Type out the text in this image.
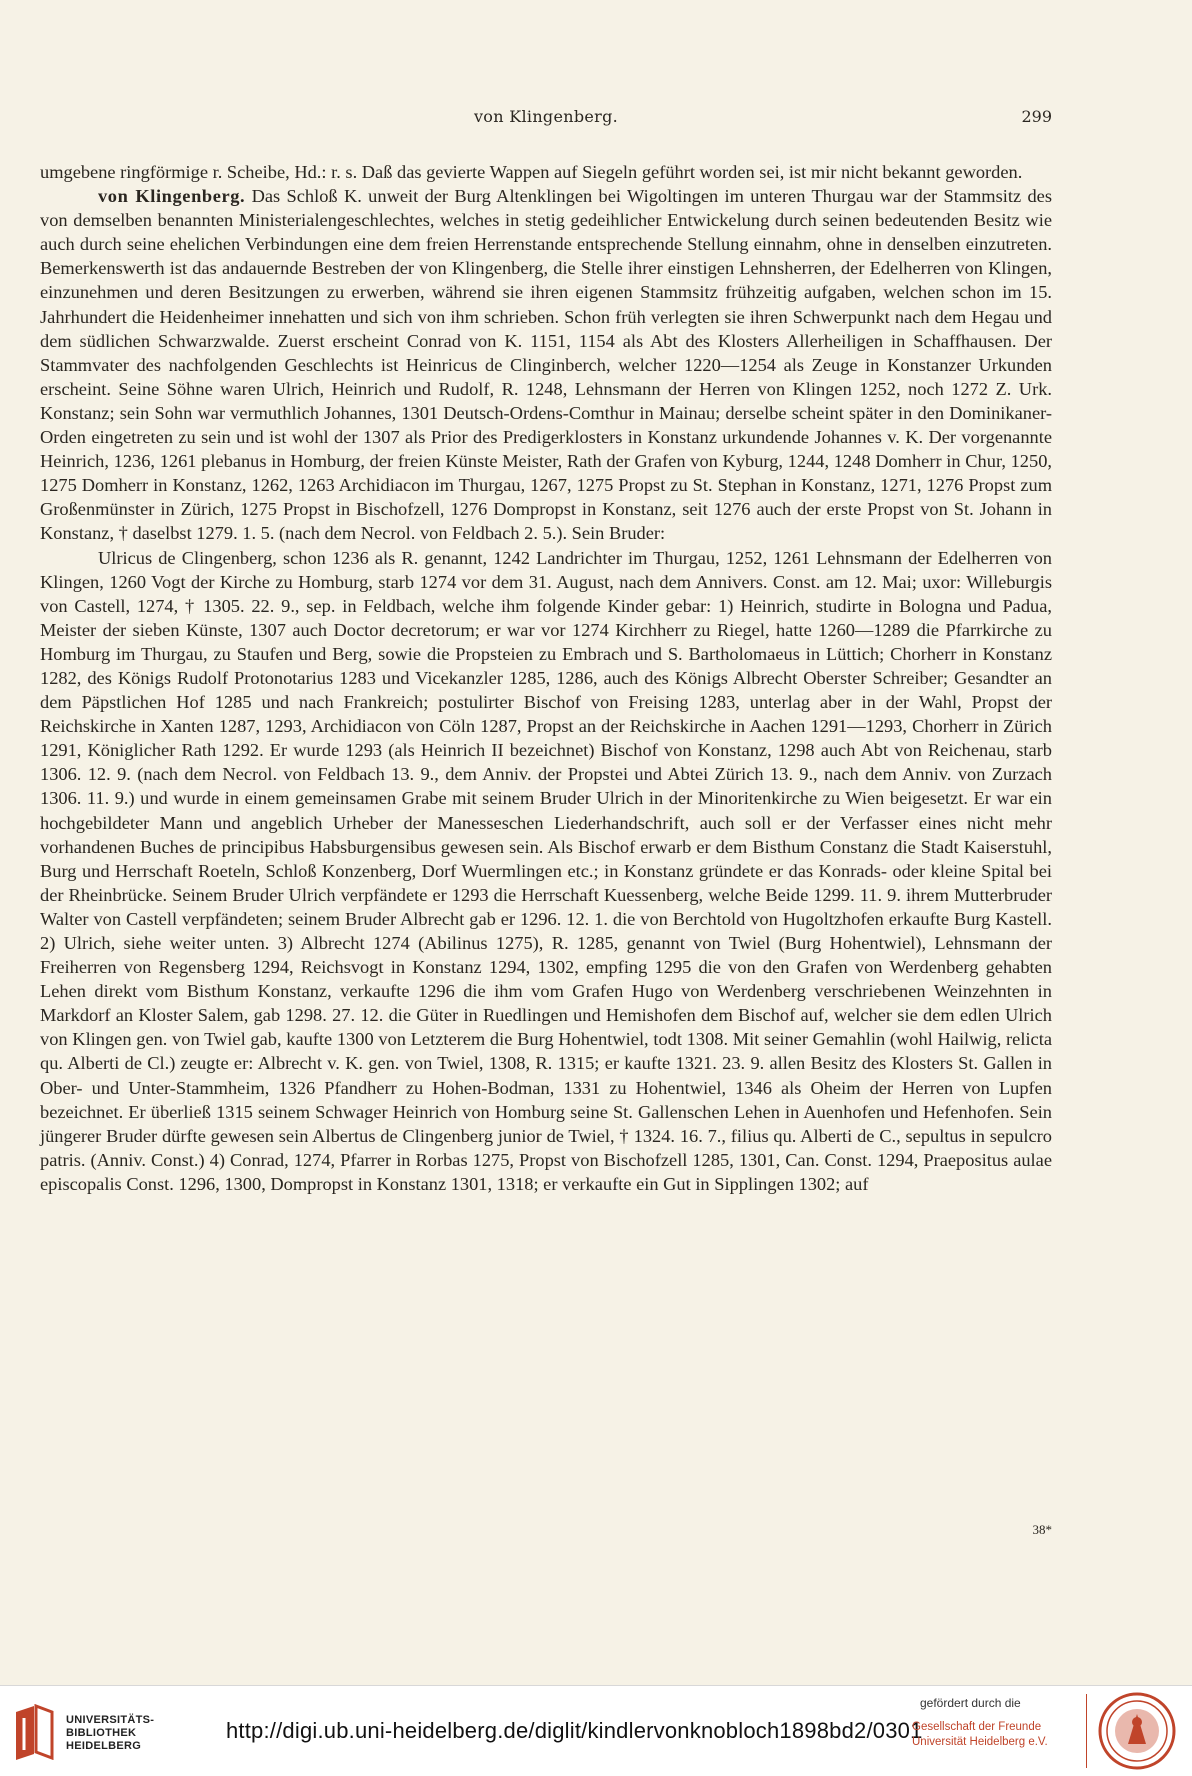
von Klingenberg.	299

umgebene ringförmige r. Scheibe, Hd.: r. s. Daß das gevierte Wappen auf Siegeln geführt worden sei, ist mir nicht bekannt geworden.

von Klingenberg. Das Schloß K. unweit der Burg Altenklingen bei Wigoltingen im unteren Thurgau war der Stammsitz des von demselben benannten Ministerialengeschlechtes, welches in stetig gedeihlicher Entwickelung durch seinen bedeutenden Besitz wie auch durch seine ehelichen Verbindungen eine dem freien Herrenstande entsprechende Stellung einnahm, ohne in denselben einzutreten. Bemerkenswerth ist das andauernde Bestreben der von Klingenberg, die Stelle ihrer einstigen Lehnsherren, der Edelherren von Klingen, einzunehmen und deren Besitzungen zu erwerben, während sie ihren eigenen Stammsitz frühzeitig aufgaben, welchen schon im 15. Jahrhundert die Heidenheimer innehatten und sich von ihm schrieben. Schon früh verlegten sie ihren Schwerpunkt nach dem Hegau und dem südlichen Schwarzwalde. Zuerst erscheint Conrad von K. 1151, 1154 als Abt des Klosters Allerheiligen in Schaffhausen. Der Stammvater des nachfolgenden Geschlechts ist Heinricus de Clinginberch, welcher 1220—1254 als Zeuge in Konstanzer Urkunden erscheint. Seine Söhne waren Ulrich, Heinrich und Rudolf, R. 1248, Lehnsmann der Herren von Klingen 1252, noch 1272 Z. Urk. Konstanz; sein Sohn war vermuthlich Johannes, 1301 Deutsch-Ordens-Comthur in Mainau; derselbe scheint später in den Dominikaner-Orden eingetreten zu sein und ist wohl der 1307 als Prior des Predigerklosters in Konstanz urkundende Johannes v. K. Der vorgenannte Heinrich, 1236, 1261 plebanus in Homburg, der freien Künste Meister, Rath der Grafen von Kyburg, 1244, 1248 Domherr in Chur, 1250, 1275 Domherr in Konstanz, 1262, 1263 Archidiacon im Thurgau, 1267, 1275 Propst zu St. Stephan in Konstanz, 1271, 1276 Propst zum Großenmünster in Zürich, 1275 Propst in Bischofzell, 1276 Dompropst in Konstanz, seit 1276 auch der erste Propst von St. Johann in Konstanz, † daselbst 1279. 1. 5. (nach dem Necrol. von Feldbach 2. 5.). Sein Bruder:

Ulricus de Clingenberg, schon 1236 als R. genannt, 1242 Landrichter im Thurgau, 1252, 1261 Lehnsmann der Edelherren von Klingen, 1260 Vogt der Kirche zu Homburg, starb 1274 vor dem 31. August, nach dem Annivers. Const. am 12. Mai; uxor: Willeburgis von Castell, 1274, † 1305. 22. 9., sep. in Feldbach, welche ihm folgende Kinder gebar: 1) Heinrich, studirte in Bologna und Padua, Meister der sieben Künste, 1307 auch Doctor decretorum; er war vor 1274 Kirchherr zu Riegel, hatte 1260—1289 die Pfarrkirche zu Homburg im Thurgau, zu Staufen und Berg, sowie die Propsteien zu Embrach und S. Bartholomaeus in Lüttich; Chorherr in Konstanz 1282, des Königs Rudolf Protonotarius 1283 und Vicekanzler 1285, 1286, auch des Königs Albrecht Oberster Schreiber; Gesandter an dem Päpstlichen Hof 1285 und nach Frankreich; postulirter Bischof von Freising 1283, unterlag aber in der Wahl, Propst der Reichskirche in Xanten 1287, 1293, Archidiacon von Cöln 1287, Propst an der Reichskirche in Aachen 1291—1293, Chorherr in Zürich 1291, Königlicher Rath 1292. Er wurde 1293 (als Heinrich II bezeichnet) Bischof von Konstanz, 1298 auch Abt von Reichenau, starb 1306. 12. 9. (nach dem Necrol. von Feldbach 13. 9., dem Anniv. der Propstei und Abtei Zürich 13. 9., nach dem Anniv. von Zurzach 1306. 11. 9.) und wurde in einem gemeinsamen Grabe mit seinem Bruder Ulrich in der Minoritenkirche zu Wien beigesetzt. Er war ein hochgebildeter Mann und angeblich Urheber der Manesseschen Liederhandschrift, auch soll er der Verfasser eines nicht mehr vorhandenen Buches de principibus Habsburgensibus gewesen sein. Als Bischof erwarb er dem Bisthum Constanz die Stadt Kaiserstuhl, Burg und Herrschaft Roeteln, Schloß Konzenberg, Dorf Wuermlingen etc.; in Konstanz gründete er das Konrads- oder kleine Spital bei der Rheinbrücke. Seinem Bruder Ulrich verpfändete er 1293 die Herrschaft Kuessenberg, welche Beide 1299. 11. 9. ihrem Mutterbruder Walter von Castell verpfändeten; seinem Bruder Albrecht gab er 1296. 12. 1. die von Berchtold von Hugoltzhofen erkaufte Burg Kastell. 2) Ulrich, siehe weiter unten. 3) Albrecht 1274 (Abilinus 1275), R. 1285, genannt von Twiel (Burg Hohentwiel), Lehnsmann der Freiherren von Regensberg 1294, Reichsvogt in Konstanz 1294, 1302, empfing 1295 die von den Grafen von Werdenberg gehabten Lehen direkt vom Bisthum Konstanz, verkaufte 1296 die ihm vom Grafen Hugo von Werdenberg verschriebenen Weinzehnten in Markdorf an Kloster Salem, gab 1298. 27. 12. die Güter in Ruedlingen und Hemishofen dem Bischof auf, welcher sie dem edlen Ulrich von Klingen gen. von Twiel gab, kaufte 1300 von Letzterem die Burg Hohentwiel, todt 1308. Mit seiner Gemahlin (wohl Hailwig, relicta qu. Alberti de Cl.) zeugte er: Albrecht v. K. gen. von Twiel, 1308, R. 1315; er kaufte 1321. 23. 9. allen Besitz des Klosters St. Gallen in Ober- und Unter-Stammheim, 1326 Pfandherr zu Hohen-Bodman, 1331 zu Hohentwiel, 1346 als Oheim der Herren von Lupfen bezeichnet. Er überließ 1315 seinem Schwager Heinrich von Homburg seine St. Gallenschen Lehen in Auenhofen und Hefenhofen. Sein jüngerer Bruder dürfte gewesen sein Albertus de Clingenberg junior de Twiel, † 1324. 16. 7., filius qu. Alberti de C., sepultus in sepulcro patris. (Anniv. Const.) 4) Conrad, 1274, Pfarrer in Rorbas 1275, Propst von Bischofzell 1285, 1301, Can. Const. 1294, Praepositus aulae episcopalis Const. 1296, 1300, Dompropst in Konstanz 1301, 1318; er verkaufte ein Gut in Sipplingen 1302; auf

38*
UNIVERSITÄTS-
BIBLIOTHEK
HEIDELBERG
http://digi.ub.uni-heidelberg.de/diglit/kindlervonknobloch1898bd2/0301
gefördert durch die
Gesellschaft der Freunde
Universität Heidelberg e.V.
